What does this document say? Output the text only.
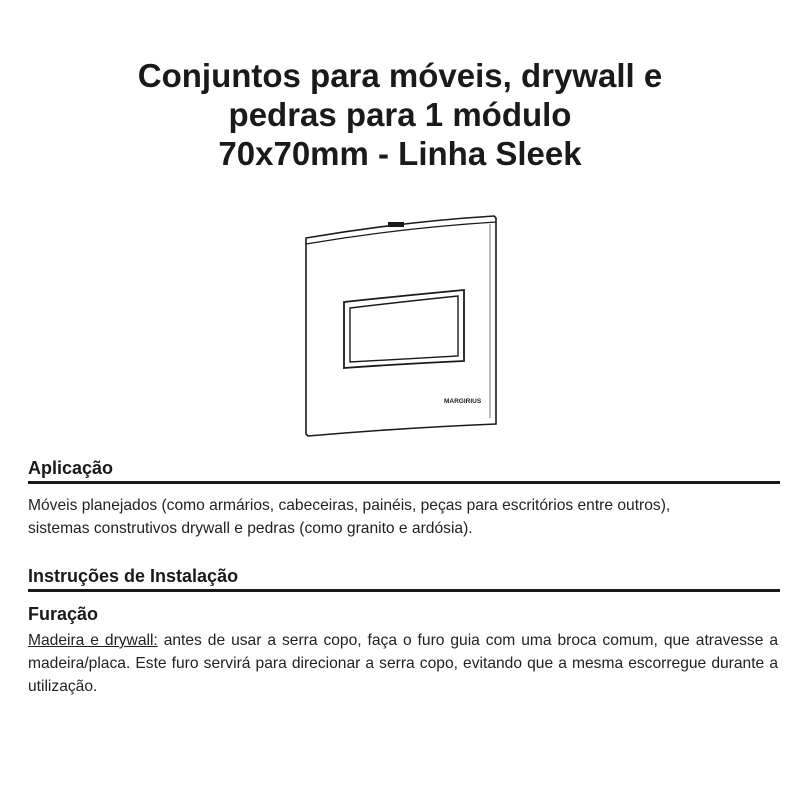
Conjuntos para móveis, drywall e
pedras para 1 módulo
70x70mm - Linha Sleek
MARGIRIUS
Aplicação
Móveis planejados (como armários, cabeceiras, painéis, peças para escritórios entre outros),
sistemas construtivos drywall e pedras (como granito e ardósia).
Instruções de Instalação
Furação
Madeira e drywall: antes de usar a serra copo, faça o furo guia com uma broca comum, que atravesse a madeira/placa. Este furo servirá para direcionar a serra copo, evitando que a mesma escorregue durante a utilização.
